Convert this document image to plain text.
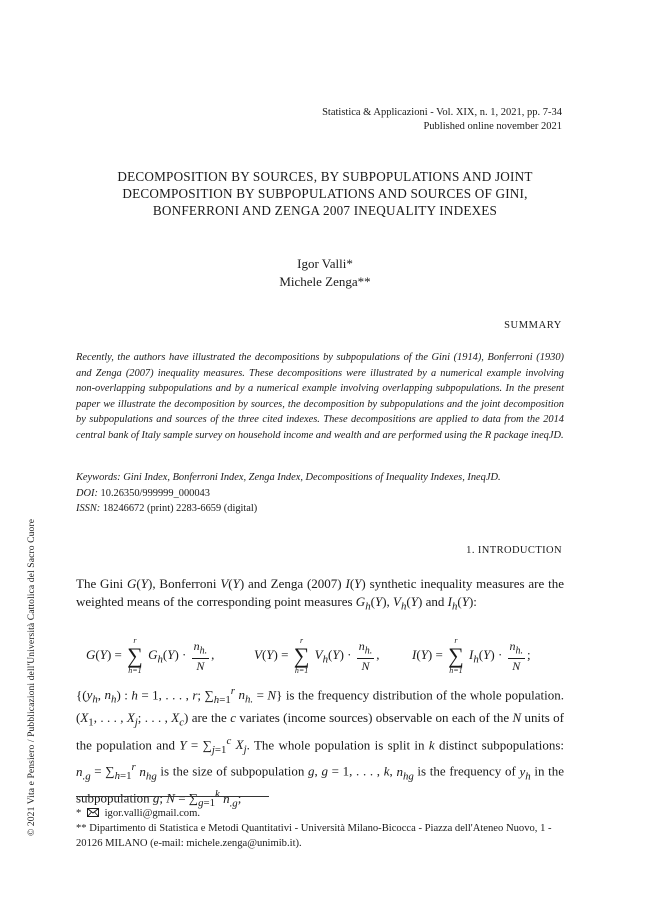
Statistica & Applicazioni - Vol. XIX, n. 1, 2021, pp. 7-34
Published online november 2021
DECOMPOSITION BY SOURCES, BY SUBPOPULATIONS AND JOINT
DECOMPOSITION BY SUBPOPULATIONS AND SOURCES OF GINI,
BONFERRONI AND ZENGA 2007 INEQUALITY INDEXES
Igor Valli*
Michele Zenga**
SUMMARY
Recently, the authors have illustrated the decompositions by subpopulations of the Gini (1914), Bonferroni (1930) and Zenga (2007) inequality measures. These decompositions were illustrated by a numerical example involving non-overlapping subpopulations and by a numerical example involving overlapping subpopulations. In the present paper we illustrate the decomposition by sources, the decomposition by subpopulations and the joint decomposition by subpopulations and sources of the three cited indexes. These decompositions are applied to data from the 2014 central bank of Italy sample survey on household income and wealth and are performed using the R package ineqJD.
Keywords: Gini Index, Bonferroni Index, Zenga Index, Decompositions of Inequality Indexes, IneqJD.
DOI: 10.26350/999999_000043
ISSN: 18246672 (print) 2283-6659 (digital)
1. INTRODUCTION
The Gini G(Y), Bonferroni V(Y) and Zenga (2007) I(Y) synthetic inequality measures are the weighted means of the corresponding point measures $G_h(Y)$, $V_h(Y)$ and $I_h(Y)$:
G(Y) =
r
∑
h=1
$G_h(Y) \cdot \frac{n_{h.}}{N}$ ,	V(Y) =
r
∑
h=1
$V_h(Y) \cdot \frac{n_{h.}}{N}$ , I(Y) =
r
∑
h=1
$I_h(Y) \cdot \frac{n_{h.}}{N}$ ;
{($y_h$, $n_h$) : h = 1, . . . , r; $\sum_{h=1}^r$ $n_{h.} = N$} is the frequency distribution of the whole population. ($X_1$, . . . , $X_j$; . . . , $X_c$) are the c variates (income sources) observable on each of the N units of the population and $Y = \sum_{j=1}^c$ $X_j$. The whole population is split in k distinct subpopulations: $n_{.g} = \sum_{h=1}^r$ $n_{hg}$ is the size of subpopulation g, g = 1, . . . , k, $n_{hg}$ is the frequency of $y_h$ in the subpopulation g; $N = \sum_{g=1}^k$ $n_{.g}$;
* igor.valli@gmail.com.
** Dipartimento di Statistica e Metodi Quantitativi - Università Milano-Bicocca - Piazza dell'Ateneo Nuovo, 1 - 20126 MILANO (e-mail: michele.zenga@unimib.it).
© 2021 Vita e Pensiero / Pubblicazioni dell'Università Cattolica del Sacro Cuore
